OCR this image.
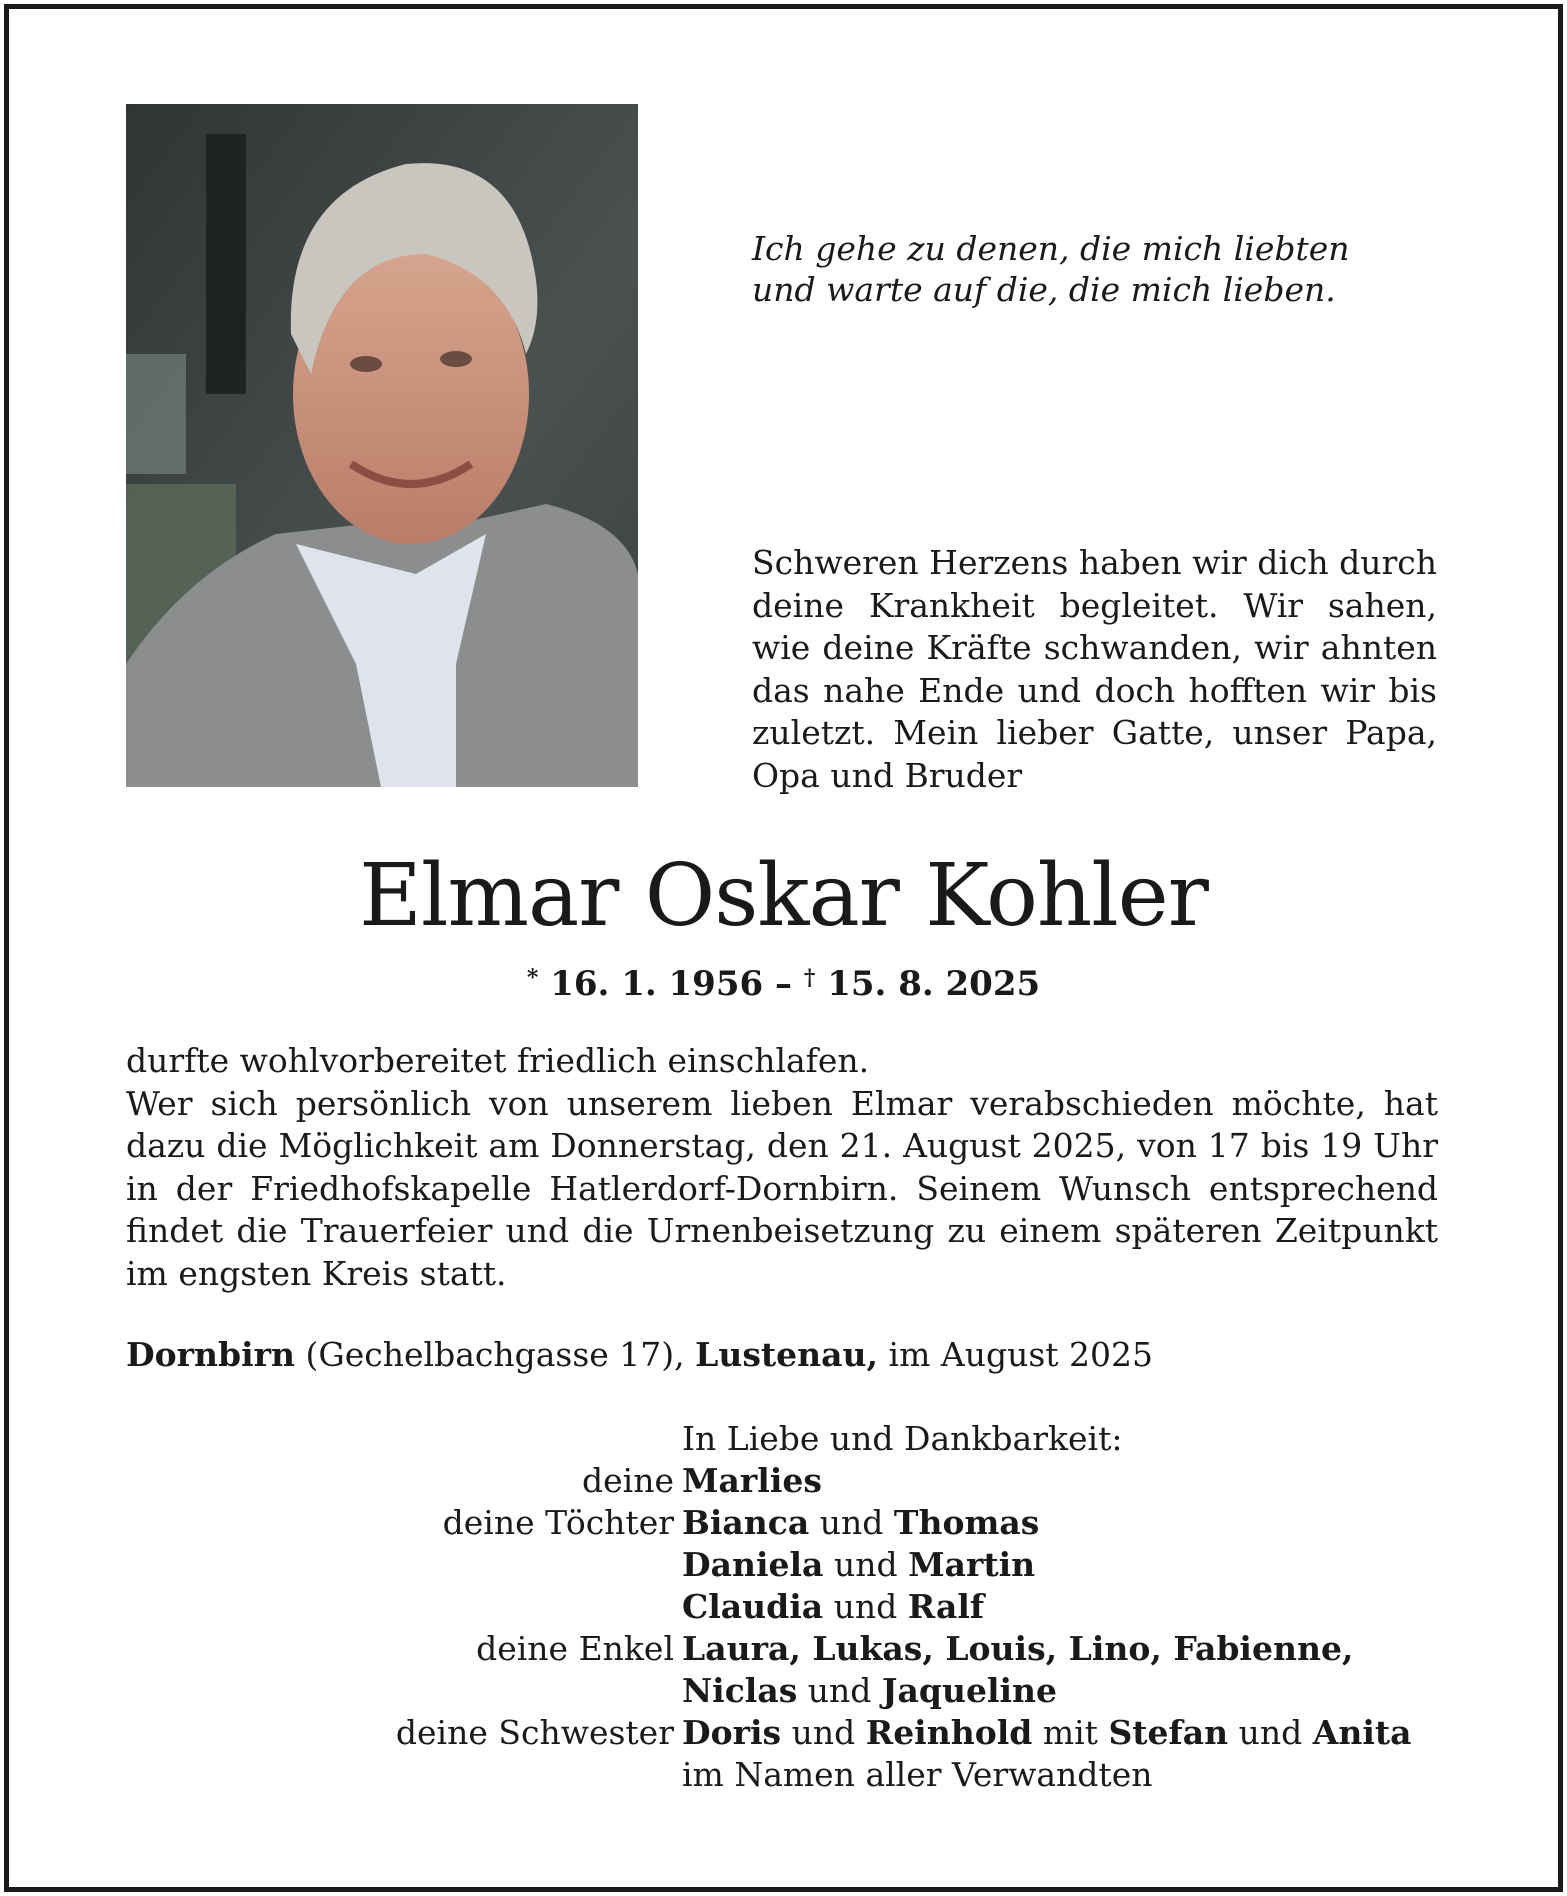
Ich gehe zu denen, die mich liebten
und warte auf die, die mich lieben.

Schweren Herzens haben wir dich durch
deine Krankheit begleitet. Wir sahen,
wie deine Kräfte schwanden, wir ahnten
das nahe Ende und doch hofften wir bis
zuletzt. Mein lieber Gatte, unser Papa,
Opa und Bruder

Elmar Oskar Kohler
* 16. 1. 1956 – † 15. 8. 2025

durfte wohlvorbereitet friedlich einschlafen.
Wer sich persönlich von unserem lieben Elmar verabschieden möchte, hat
dazu die Möglichkeit am Donnerstag, den 21. August 2025, von 17 bis 19 Uhr
in der Friedhofskapelle Hatlerdorf-Dornbirn. Seinem Wunsch entsprechend
findet die Trauerfeier und die Urnenbeisetzung zu einem späteren Zeitpunkt
im engsten Kreis statt.

Dornbirn (Gechelbachgasse 17), Lustenau, im August 2025
In Liebe und Dankbarkeit:
deine Marlies
deine Töchter Bianca und Thomas
Daniela und Martin
Claudia und Ralf
deine Enkel Laura, Lukas, Louis, Lino, Fabienne,
Niclas und Jaqueline
deine Schwester Doris und Reinhold mit Stefan und Anita
im Namen aller Verwandten
